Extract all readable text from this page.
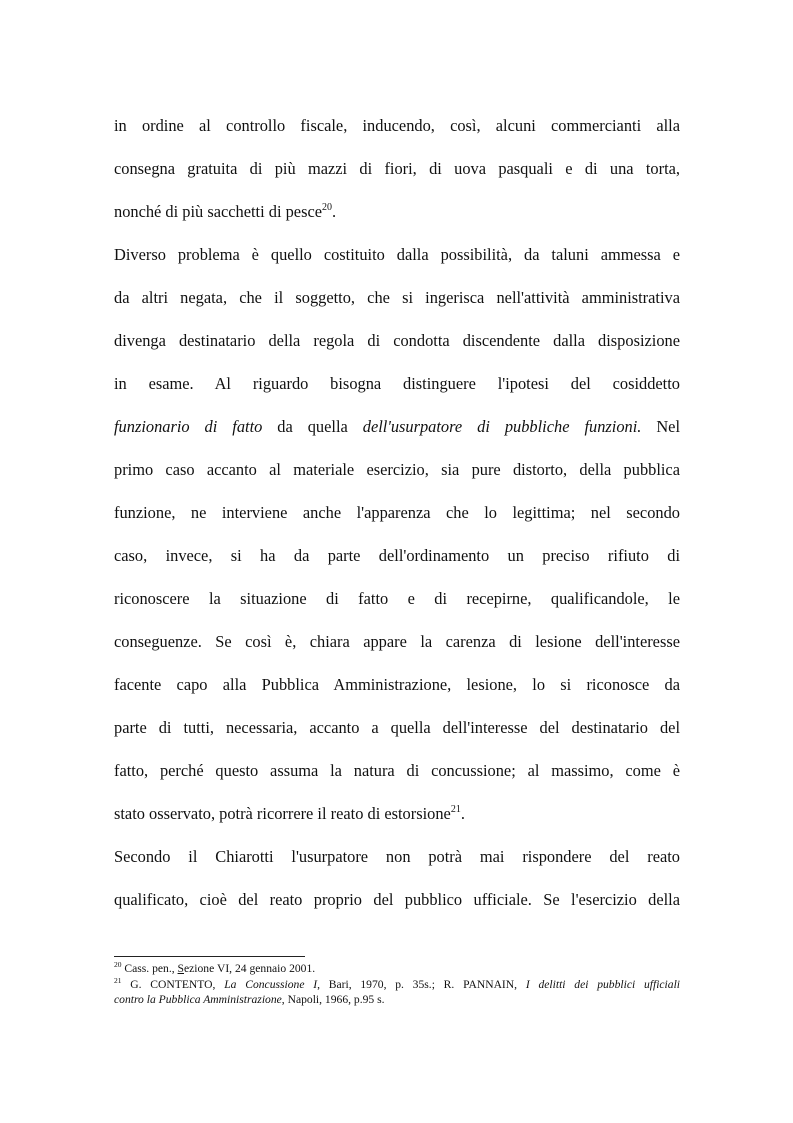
in ordine al controllo fiscale, inducendo, così, alcuni commercianti alla
consegna gratuita di più mazzi di fiori, di uova pasquali e di una torta,
nonché di più sacchetti di pesce$^{20}$.
Diverso problema è quello costituito dalla possibilità, da taluni ammessa e
da altri negata, che il soggetto, che si ingerisca nell'attività amministrativa
divenga destinatario della regola di condotta discendente dalla disposizione
in esame. Al riguardo bisogna distinguere l'ipotesi del cosiddetto
funzionario di fatto da quella dell'usurpatore di pubbliche funzioni. Nel
primo caso accanto al materiale esercizio, sia pure distorto, della pubblica
funzione, ne interviene anche l'apparenza che lo legittima; nel secondo
caso, invece, si ha da parte dell'ordinamento un preciso rifiuto di
riconoscere la situazione di fatto e di recepirne, qualificandole, le
conseguenze. Se così è, chiara appare la carenza di lesione dell'interesse
facente capo alla Pubblica Amministrazione, lesione, lo si riconosce da
parte di tutti, necessaria, accanto a quella dell'interesse del destinatario del
fatto, perché questo assuma la natura di concussione; al massimo, come è
stato osservato, potrà ricorrere il reato di estorsione$^{21}$.
Secondo il Chiarotti l'usurpatore non potrà mai rispondere del reato
qualificato, cioè del reato proprio del pubblico ufficiale. Se l'esercizio della
$^{20}$ Cass. pen., Sezione VI, 24 gennaio 2001.
$^{21}$ G. CONTENTO, La Concussione I, Bari, 1970, p. 35s.; R. PANNAIN, I delitti dei pubblici ufficiali
contro la Pubblica Amministrazione, Napoli, 1966, p.95 s.
